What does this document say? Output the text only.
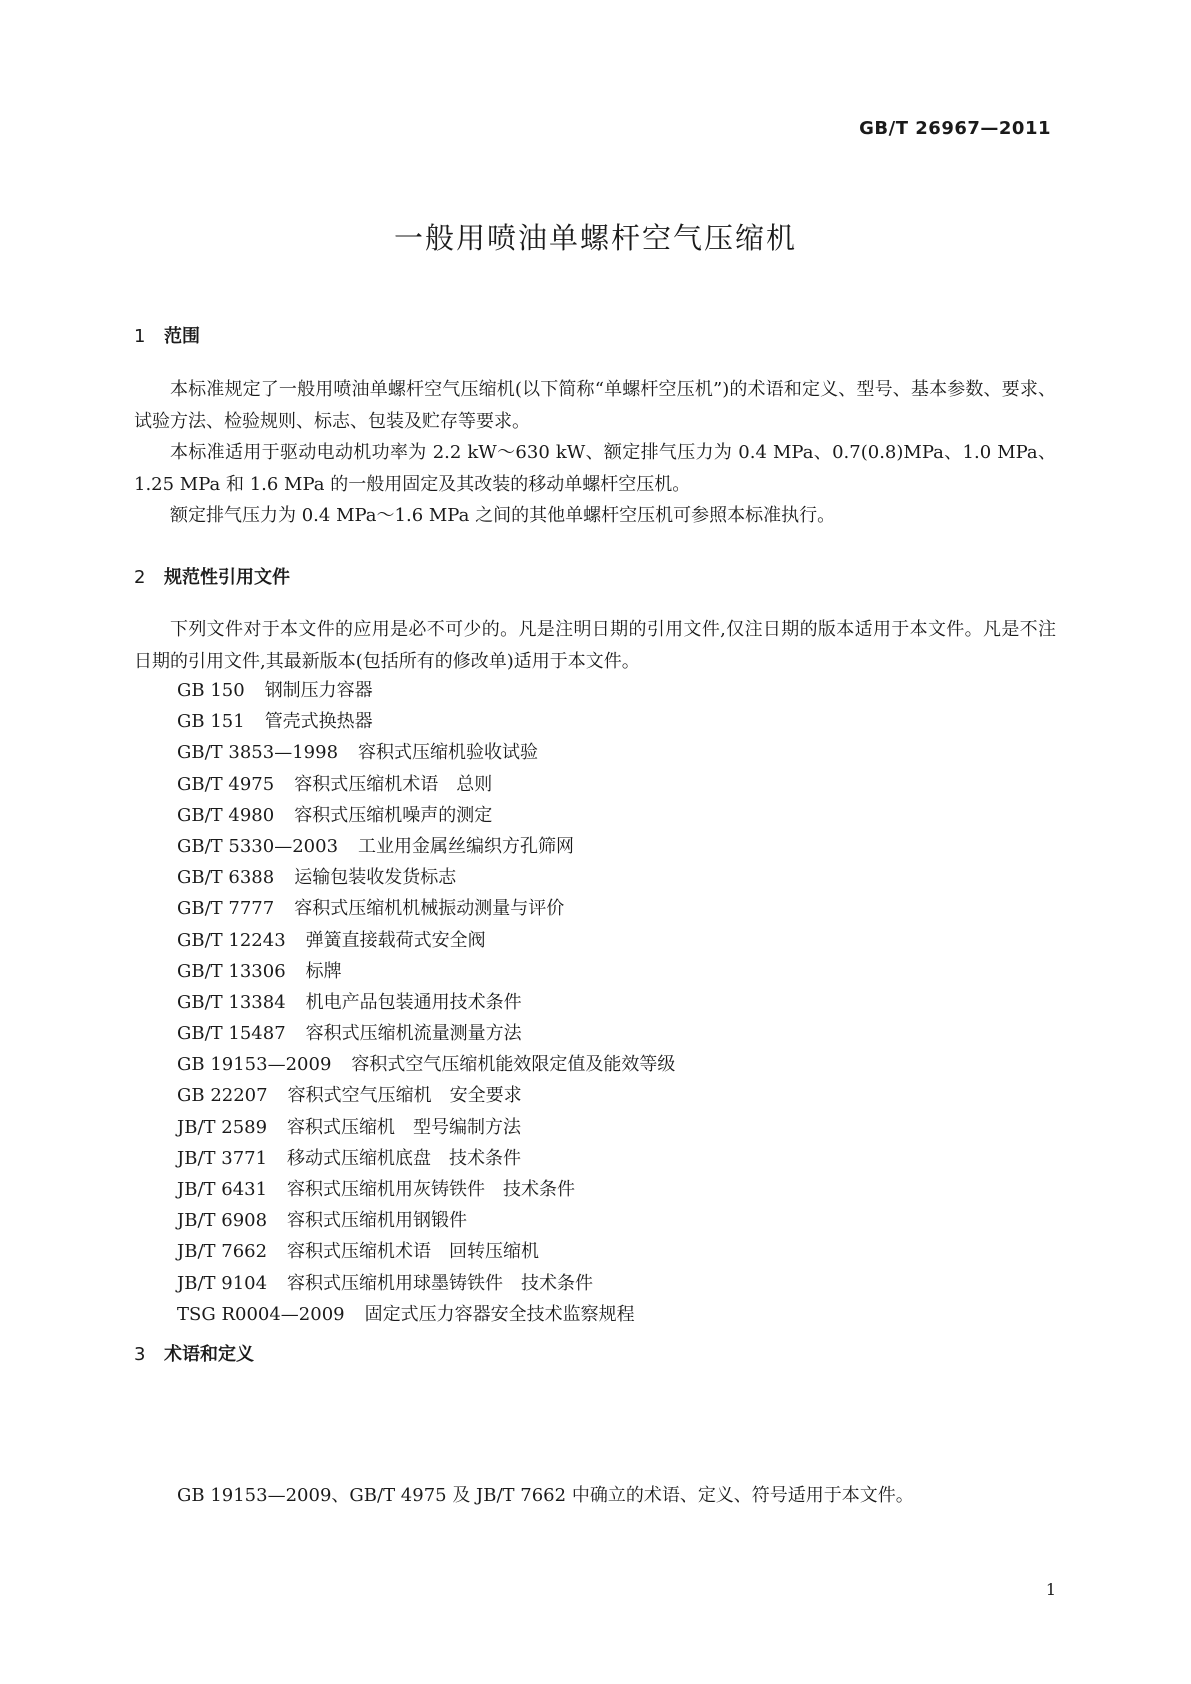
GB/T 26967—2011
一般用喷油单螺杆空气压缩机
1 范围

本标准规定了一般用喷油单螺杆空气压缩机(以下简称“单螺杆空压机”)的术语和定义、型号、基本参数、要求、试验方法、检验规则、标志、包装及贮存等要求。

本标准适用于驱动电动机功率为 2.2 kW～630 kW、额定排气压力为 0.4 MPa、0.7(0.8)MPa、1.0 MPa、1.25 MPa 和 1.6 MPa 的一般用固定及其改装的移动单螺杆空压机。

额定排气压力为 0.4 MPa～1.6 MPa 之间的其他单螺杆空压机可参照本标准执行。

2 规范性引用文件

下列文件对于本文件的应用是必不可少的。凡是注明日期的引用文件,仅注日期的版本适用于本文件。凡是不注日期的引用文件,其最新版本(包括所有的修改单)适用于本文件。

GB 150 钢制压力容器
GB 151 管壳式换热器
GB/T 3853—1998 容积式压缩机验收试验
GB/T 4975 容积式压缩机术语　总则
GB/T 4980 容积式压缩机噪声的测定
GB/T 5330—2003 工业用金属丝编织方孔筛网
GB/T 6388 运输包装收发货标志
GB/T 7777 容积式压缩机机械振动测量与评价
GB/T 12243 弹簧直接载荷式安全阀
GB/T 13306 标牌
GB/T 13384 机电产品包装通用技术条件
GB/T 15487 容积式压缩机流量测量方法
GB 19153—2009 容积式空气压缩机能效限定值及能效等级
GB 22207 容积式空气压缩机　安全要求
JB/T 2589 容积式压缩机　型号编制方法
JB/T 3771 移动式压缩机底盘　技术条件
JB/T 6431 容积式压缩机用灰铸铁件　技术条件
JB/T 6908 容积式压缩机用钢锻件
JB/T 7662 容积式压缩机术语　回转压缩机
JB/T 9104 容积式压缩机用球墨铸铁件　技术条件
TSG R0004—2009 固定式压力容器安全技术监察规程
3 术语和定义
GB 19153—2009、GB/T 4975 及 JB/T 7662 中确立的术语、定义、符号适用于本文件。
1
